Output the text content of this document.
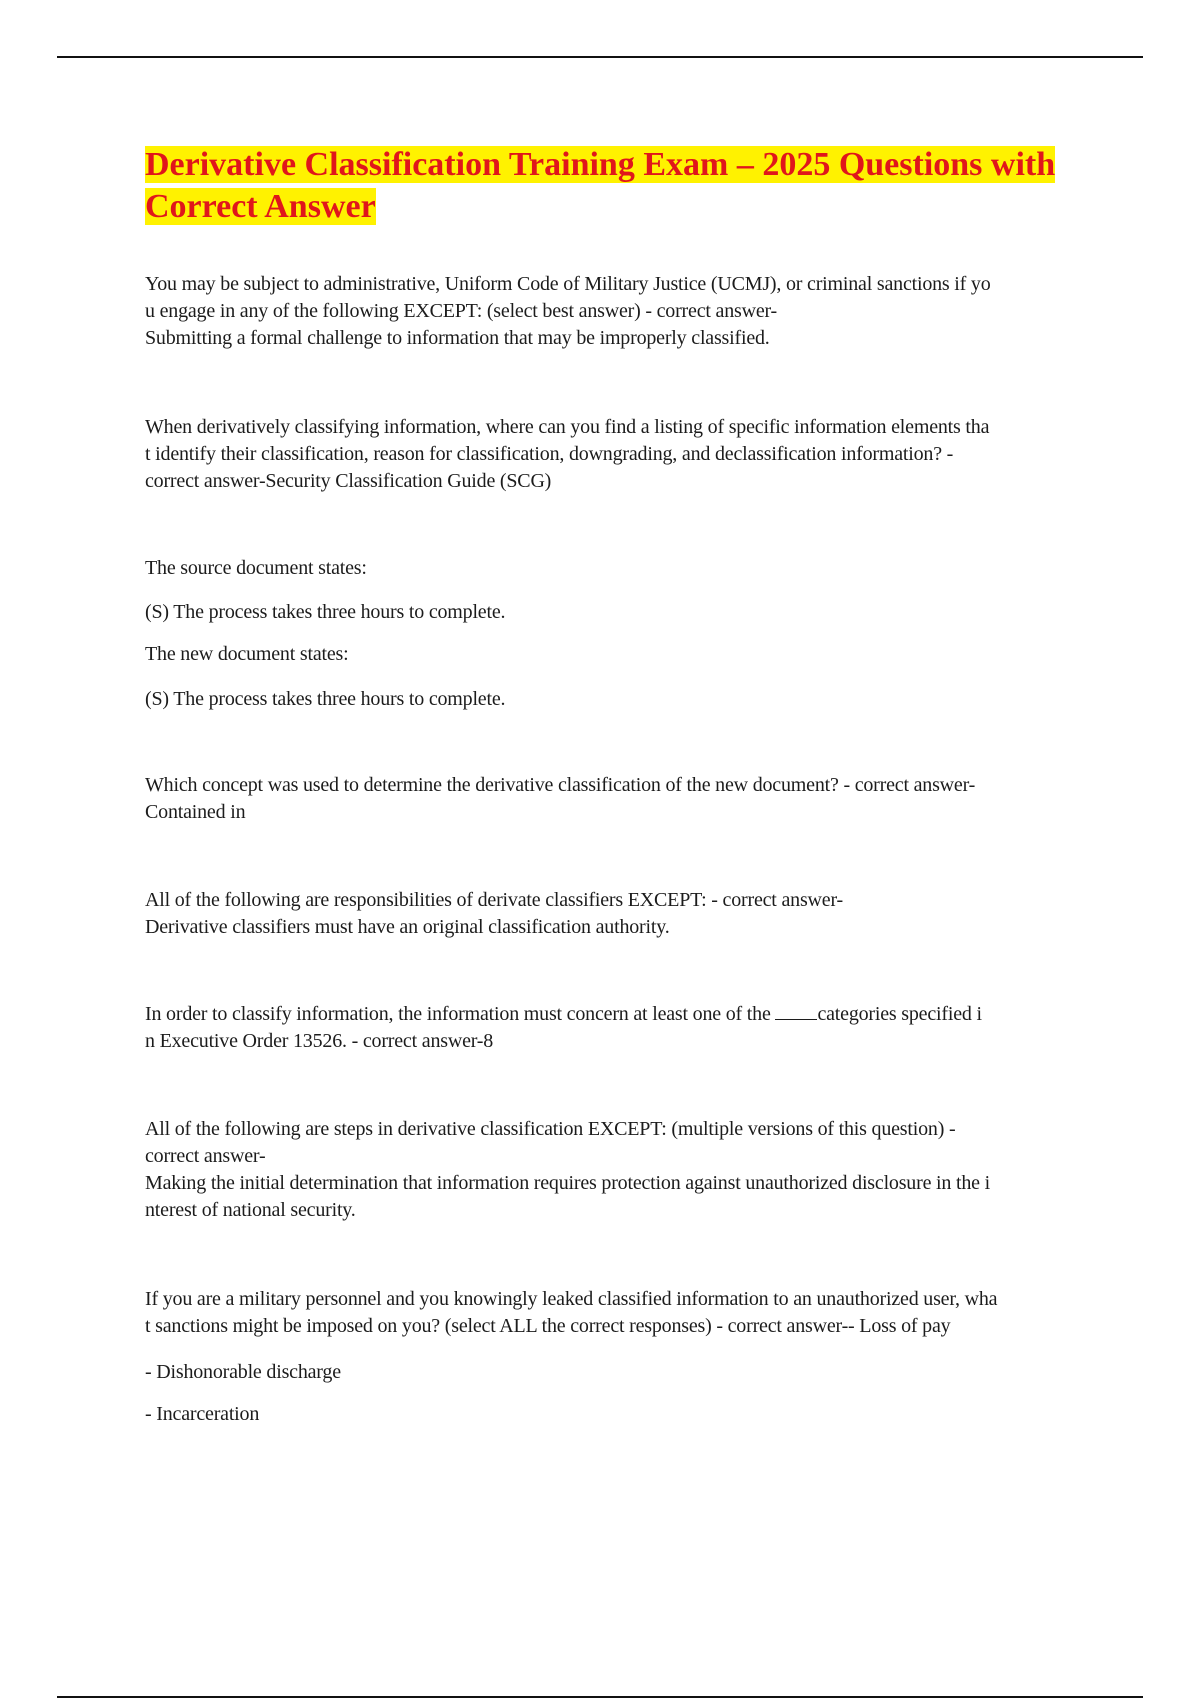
Derivative Classification Training Exam – 2025 Questions with Correct Answer

You may be subject to administrative, Uniform Code of Military Justice (UCMJ), or criminal sanctions if yo
u engage in any of the following EXCEPT: (select best answer) - correct answer-
Submitting a formal challenge to information that may be improperly classified.

When derivatively classifying information, where can you find a listing of specific information elements tha
t identify their classification, reason for classification, downgrading, and declassification information? -
correct answer-Security Classification Guide (SCG)

The source document states:

(S) The process takes three hours to complete.

The new document states:

(S) The process takes three hours to complete.

Which concept was used to determine the derivative classification of the new document? - correct answer-
Contained in

All of the following are responsibilities of derivate classifiers EXCEPT: - correct answer-
Derivative classifiers must have an original classification authority.

In order to classify information, the information must concern at least one of the categories specified i
n Executive Order 13526. - correct answer-8

All of the following are steps in derivative classification EXCEPT: (multiple versions of this question) -
correct answer-
Making the initial determination that information requires protection against unauthorized disclosure in the i
nterest of national security.

If you are a military personnel and you knowingly leaked classified information to an unauthorized user, wha
t sanctions might be imposed on you? (select ALL the correct responses) - correct answer-- Loss of pay

- Dishonorable discharge

- Incarceration
